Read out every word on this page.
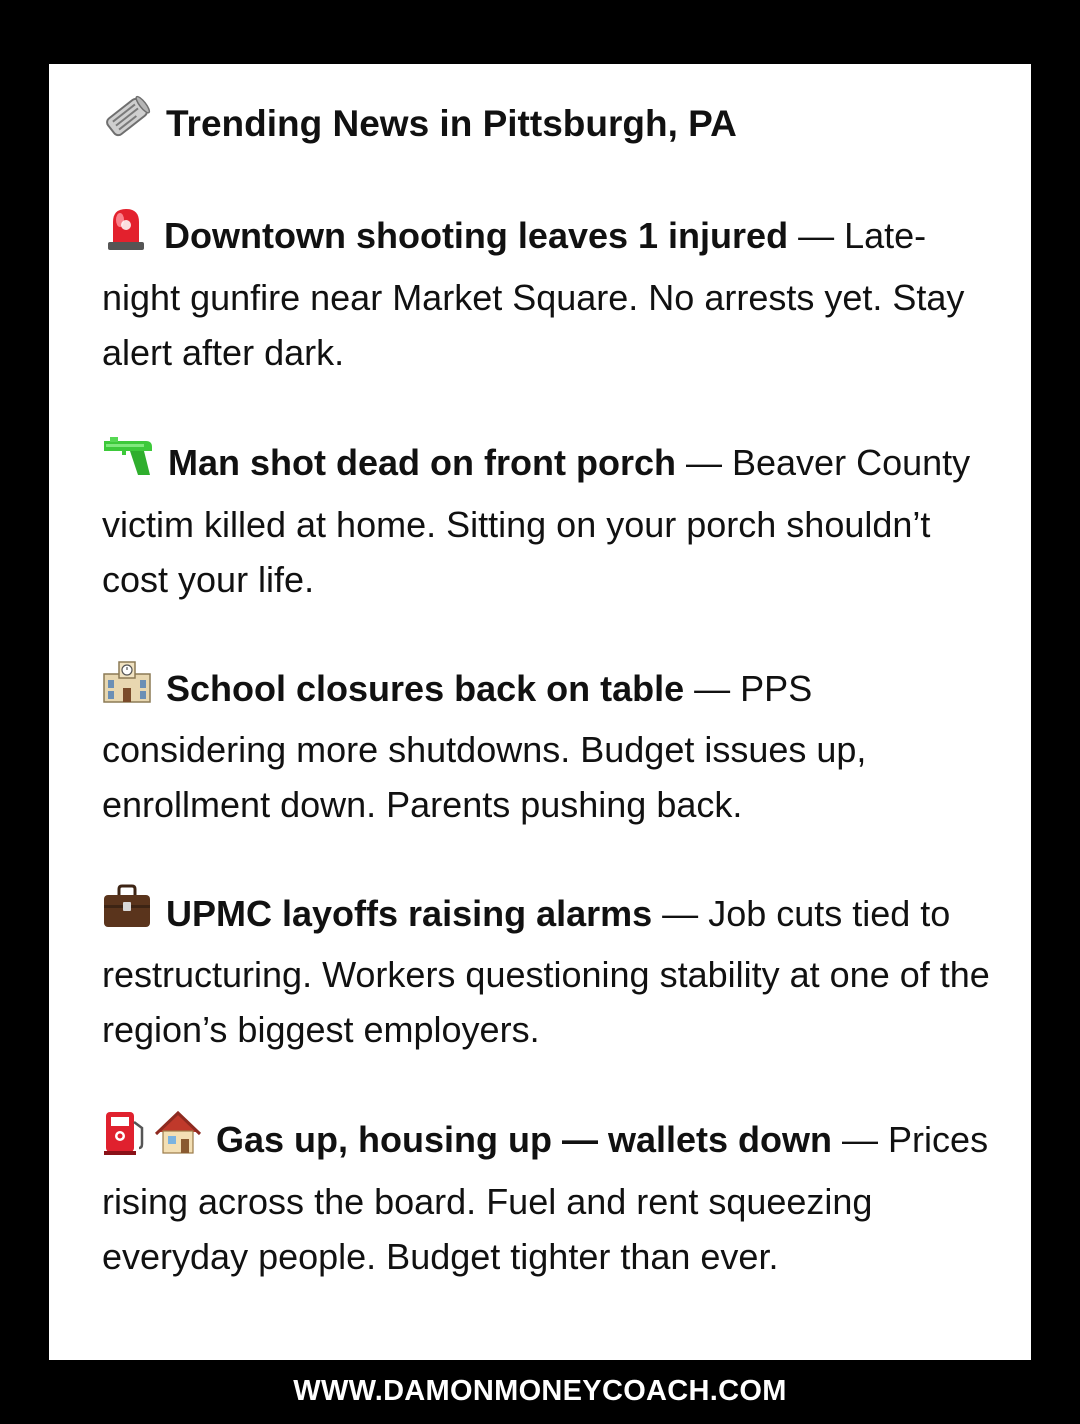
Trending News in Pittsburgh, PA
Downtown shooting leaves 1 injured — Late-night gunfire near Market Square. No arrests yet. Stay alert after dark.
Man shot dead on front porch — Beaver County victim killed at home. Sitting on your porch shouldn’t cost your life.
School closures back on table — PPS considering more shutdowns. Budget issues up, enrollment down. Parents pushing back.
UPMC layoffs raising alarms — Job cuts tied to restructuring. Workers questioning stability at one of the region’s biggest employers.
Gas up, housing up — wallets down — Prices rising across the board. Fuel and rent squeezing everyday people. Budget tighter than ever.
WWW.DAMONMONEYCOACH.COM
